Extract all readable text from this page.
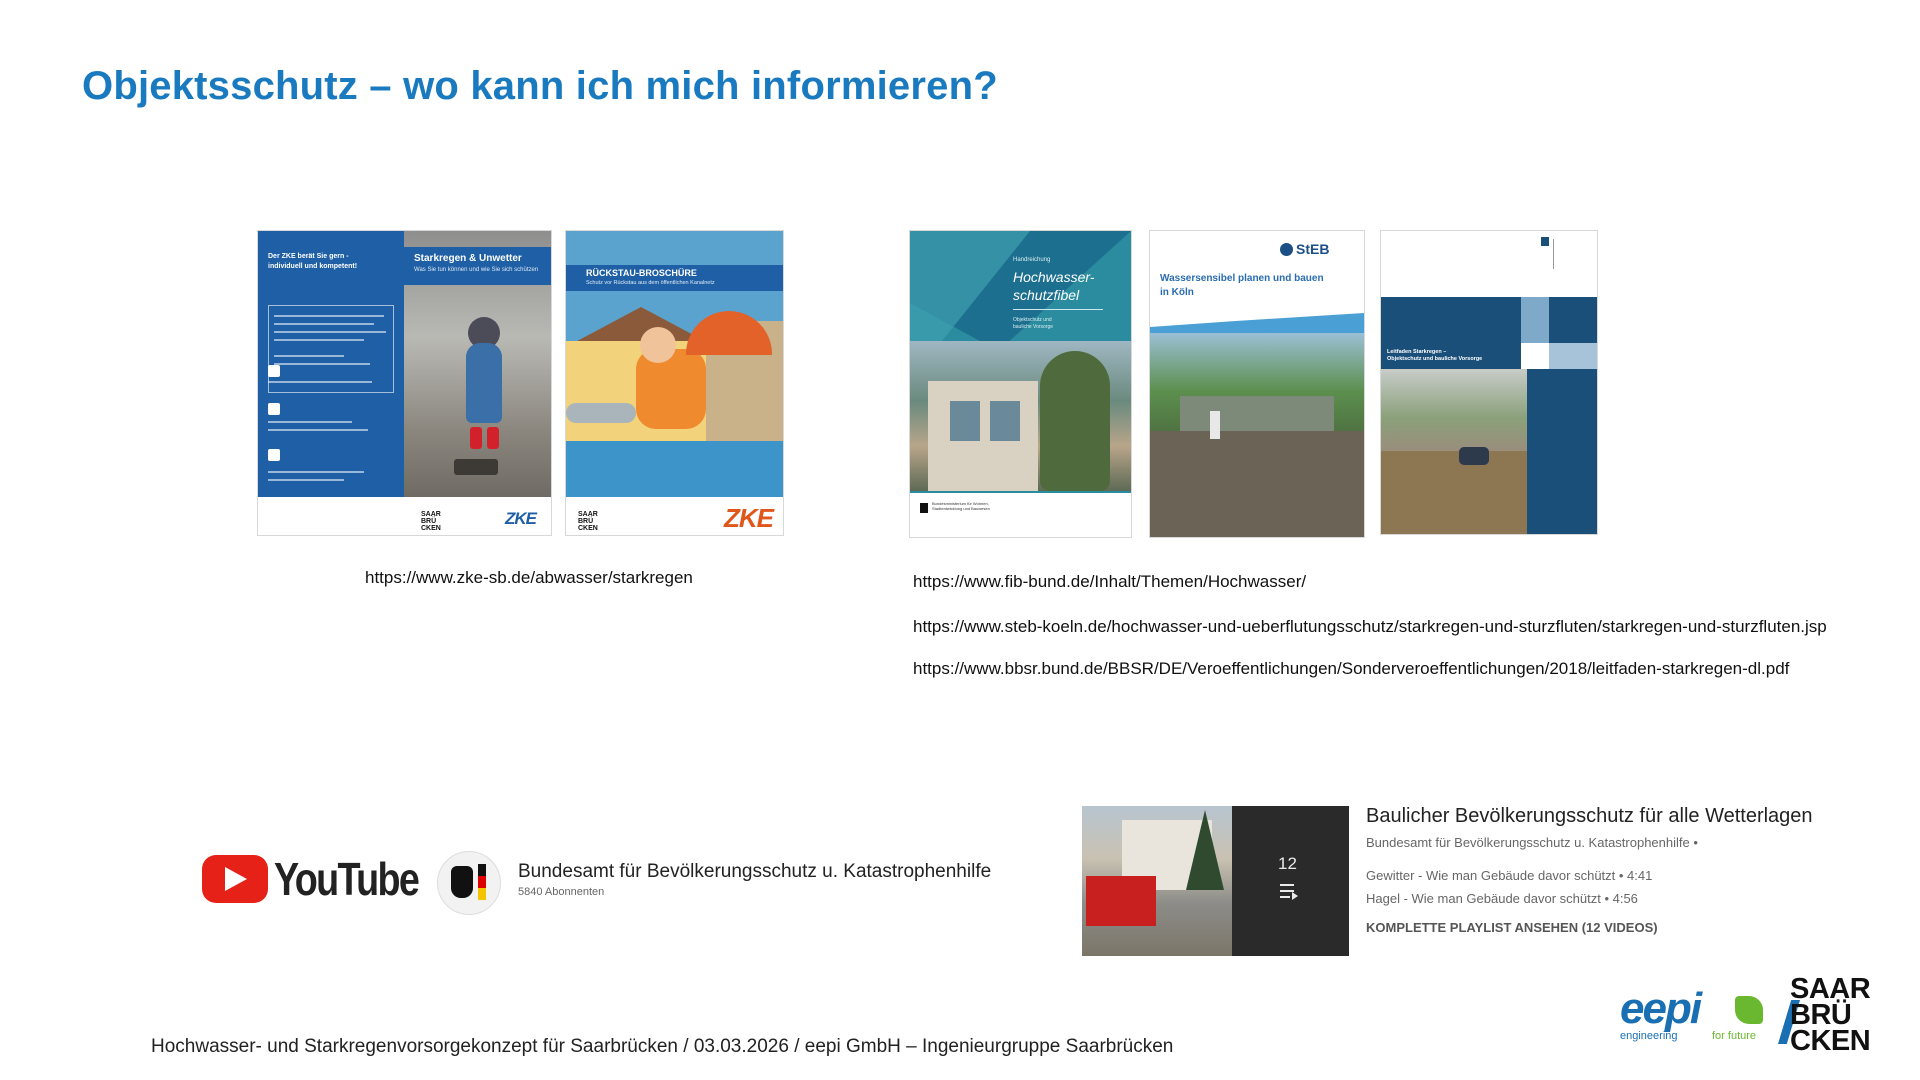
Objektsschutz – wo kann ich mich informieren?
Der ZKE berät Sie gern -
individuell und kompetent!
Starkregen & Unwetter
Was Sie tun können und wie Sie sich schützen
SAAR
BRÜ
CKEN
ZKE
RÜCKSTAU-BROSCHÜRE
Schutz vor Rückstau aus dem öffentlichen Kanalnetz
SAAR
BRÜ
CKEN	ZKE
Handreichung
Hochwasser-
schutzfibel
Objektschutz und
bauliche Vorsorge
Bundesministerium für Wohnen, Stadtentwicklung und Bauwesen
StEB
Wassersensibel planen und bauen
in Köln
Leitfaden Starkregen –
Objektschutz und bauliche Vorsorge
https://www.zke-sb.de/abwasser/starkregen	https://www.fib-bund.de/Inhalt/Themen/Hochwasser/
https://www.steb-koeln.de/hochwasser-und-ueberflutungsschutz/starkregen-und-sturzfluten/starkregen-und-sturzfluten.jsp
https://www.bbsr.bund.de/BBSR/DE/Veroeffentlichungen/Sonderveroeffentlichungen/2018/leitfaden-starkregen-dl.pdf
YouTube	Bundesamt für Bevölkerungsschutz u. Katastrophenhilfe
5840 Abonnenten
12
Baulicher Bevölkerungsschutz für alle Wetterlagen
Bundesamt für Bevölkerungsschutz u. Katastrophenhilfe •
Gewitter - Wie man Gebäude davor schützt • 4:41
Hagel - Wie man Gebäude davor schützt • 4:56
KOMPLETTE PLAYLIST ANSEHEN (12 VIDEOS)
Hochwasser- und Starkregenvorsorgekonzept für Saarbrücken / 03.03.2026 / eepi GmbH – Ingenieurgruppe Saarbrücken
eepi
engineering	for future
SAAR
BRÜ
CKEN
